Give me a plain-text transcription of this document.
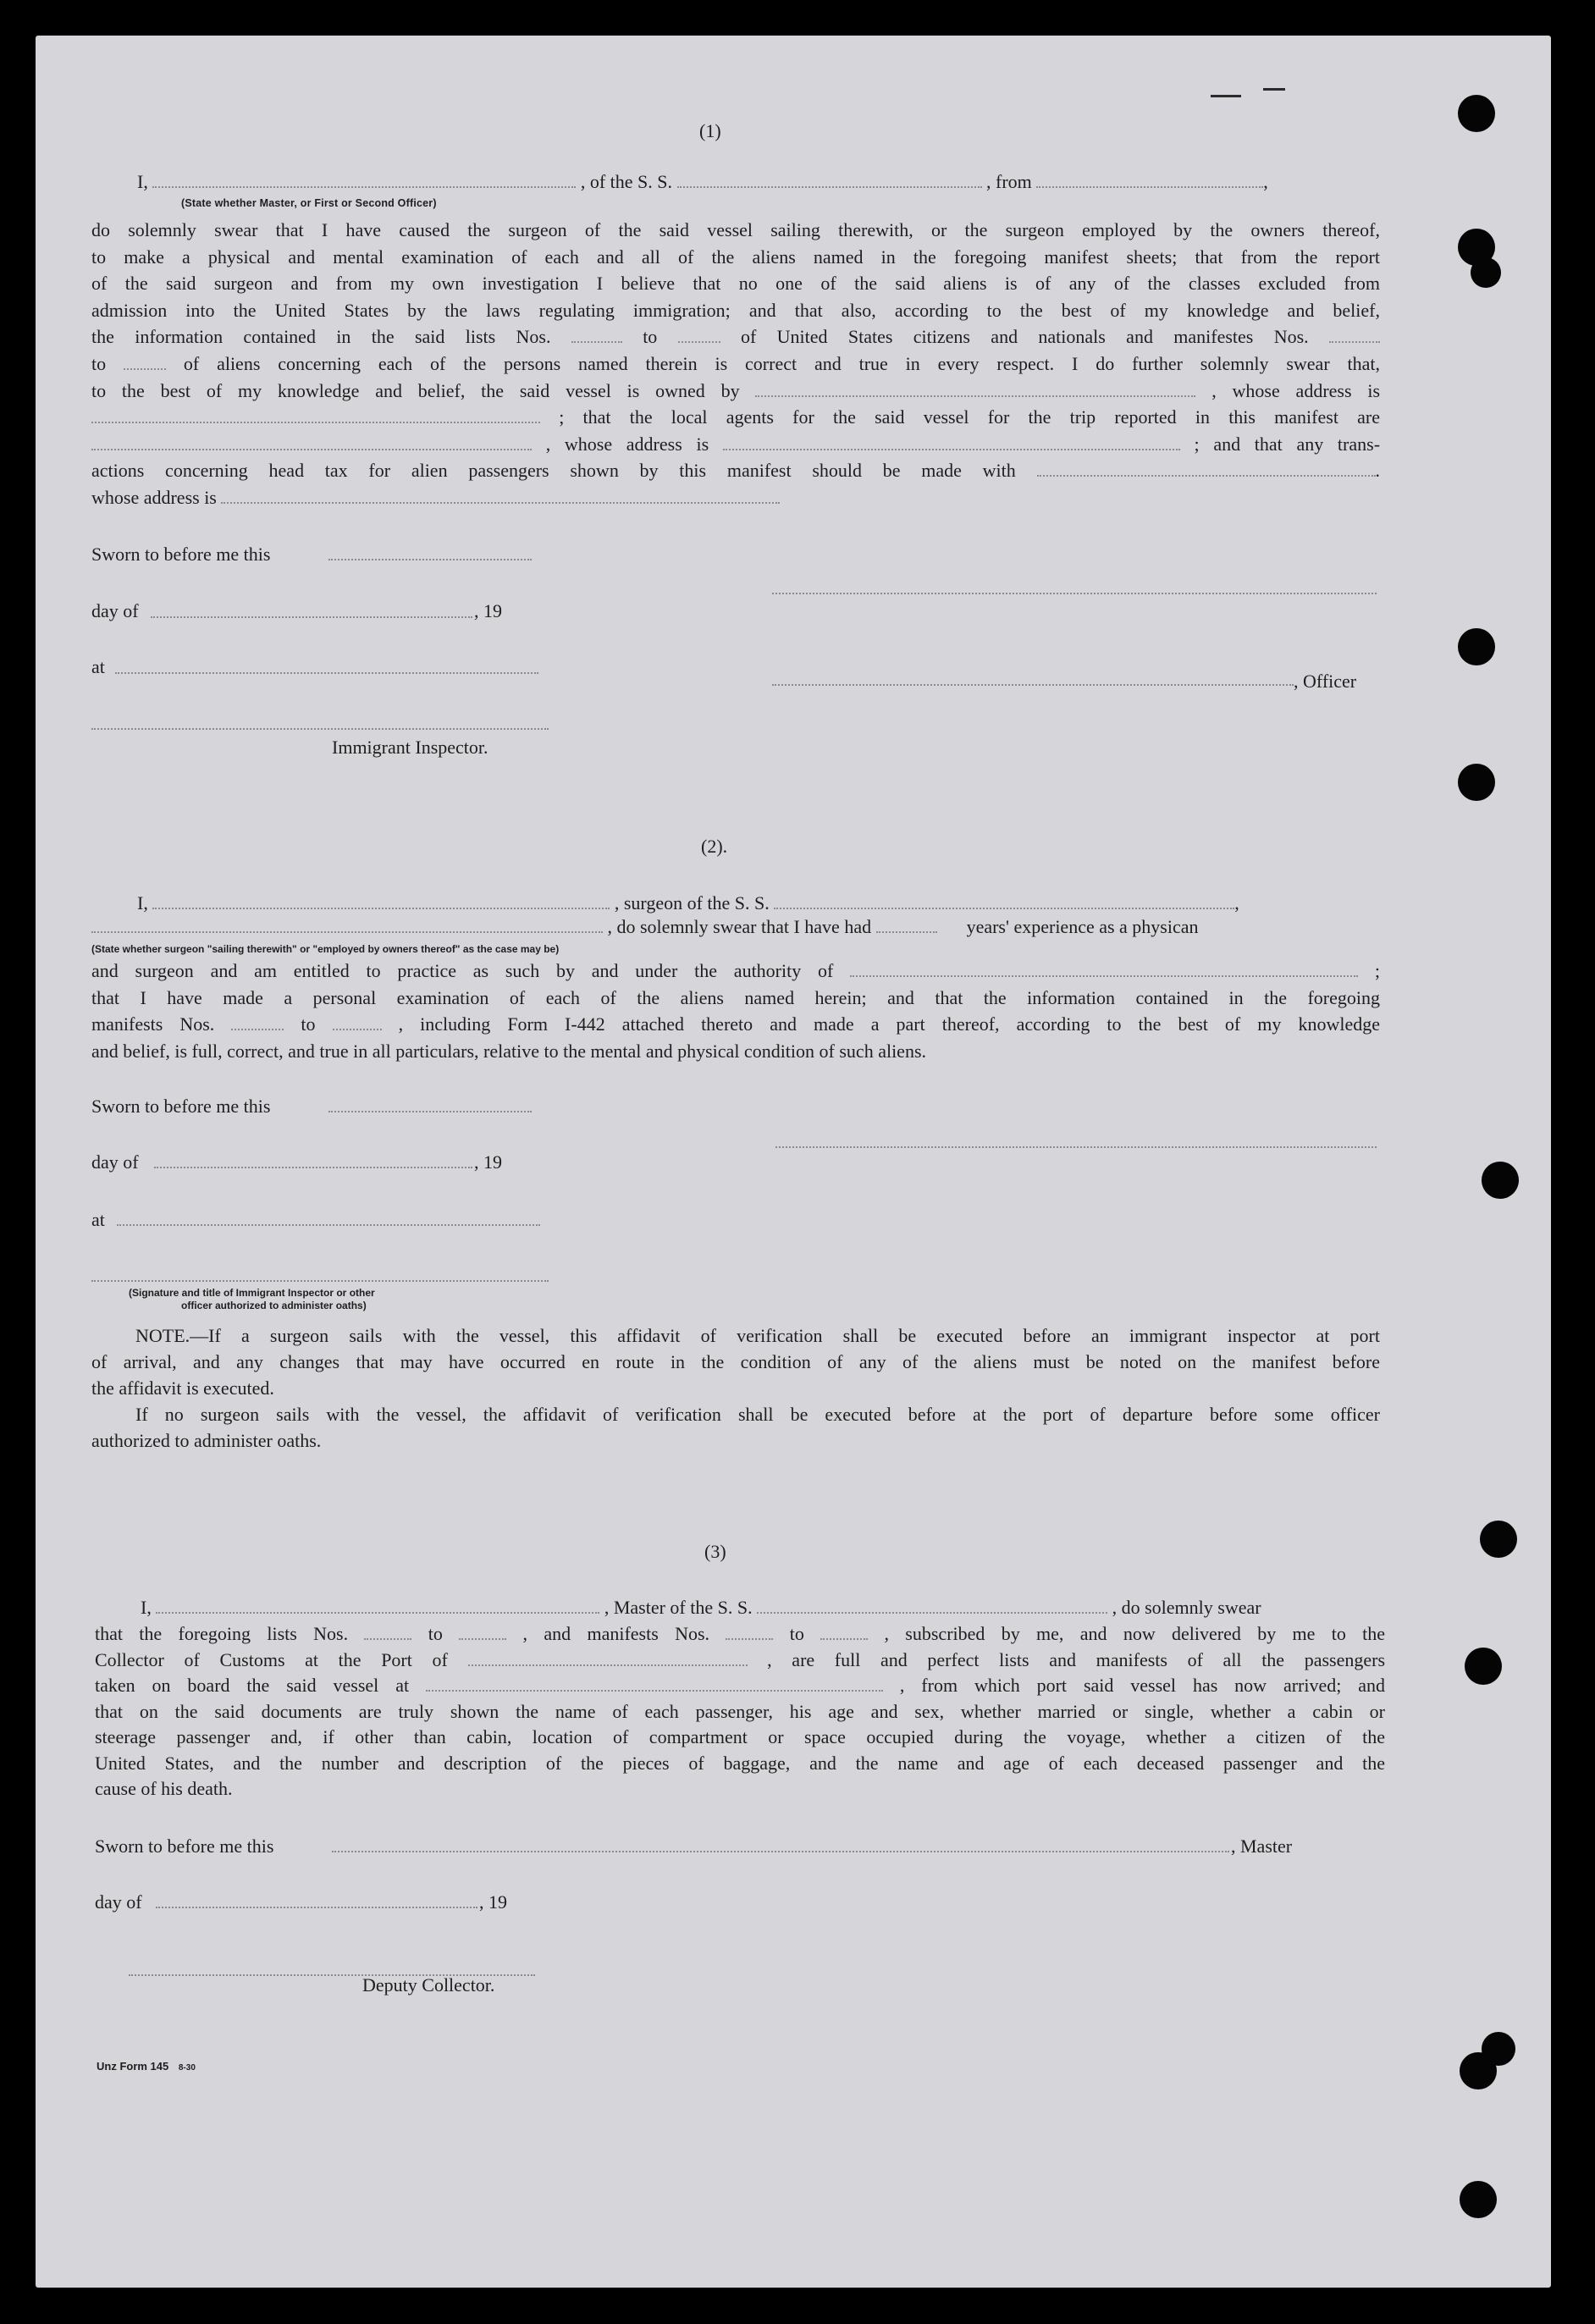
(1)
I,	, of the S. S.	, from	,
(State whether Master, or First or Second Officer)
do solemnly swear that I have caused the surgeon of the said vessel sailing therewith, or the surgeon employed by the owners thereof,
to make a physical and mental examination of each and all of the aliens named in the foregoing manifest sheets; that from the report
of the said surgeon and from my own investigation I believe that no one of the said aliens is of any of the classes excluded from
admission into the United States by the laws regulating immigration; and that also, according to the best of my knowledge and belief,
the information contained in the said lists Nos.	to	of United States citizens and nationals and manifestes Nos.
to	of aliens concerning each of the persons named therein is correct and true in every respect. I do further solemnly swear that,
to the best of my knowledge and belief, the said vessel is owned by	, whose address is
; that the local agents for the said vessel for the trip reported in this manifest are
, whose address is	; and that any trans-
actions concerning head tax for alien passengers shown by this manifest should be made with	.
whose address is
Sworn to before me this
day of	, 19
at
, Officer
Immigrant Inspector.
(2).
I,	, surgeon of the S. S.	,
, do solemnly swear that I have had	years' experience as a physican
(State whether surgeon "sailing therewith" or "employed by owners thereof" as the case may be)
and surgeon and am entitled to practice as such by and under the authority of	;
that I have made a personal examination of each of the aliens named herein; and that the information contained in the foregoing
manifests Nos.	to	, including Form I-442 attached thereto and made a part thereof, according to the best of my knowledge
and belief, is full, correct, and true in all particulars, relative to the mental and physical condition of such aliens.
Sworn to before me this
day of	, 19
at
(Signature and title of Immigrant Inspector or other
officer authorized to administer oaths)
NOTE.—If a surgeon sails with the vessel, this affidavit of verification shall be executed before an immigrant inspector at port
of arrival, and any changes that may have occurred en route in the condition of any of the aliens must be noted on the manifest before
the affidavit is executed.
If no surgeon sails with the vessel, the affidavit of verification shall be executed before at the port of departure before some officer
authorized to administer oaths.
(3)
I,	, Master of the S. S.	, do solemnly swear
that the foregoing lists Nos.	to	, and manifests Nos.	to	, subscribed by me, and now delivered by me to the
Collector of Customs at the Port of	, are full and perfect lists and manifests of all the passengers
taken on board the said vessel at	, from which port said vessel has now arrived; and
that on the said documents are truly shown the name of each passenger, his age and sex, whether married or single, whether a cabin or
steerage passenger and, if other than cabin, location of compartment or space occupied during the voyage, whether a citizen of the
United States, and the number and description of the pieces of baggage, and the name and age of each deceased passenger and the
cause of his death.
Sworn to before me this	, Master
day of	, 19
Deputy Collector.
Unz Form 145 8-30
